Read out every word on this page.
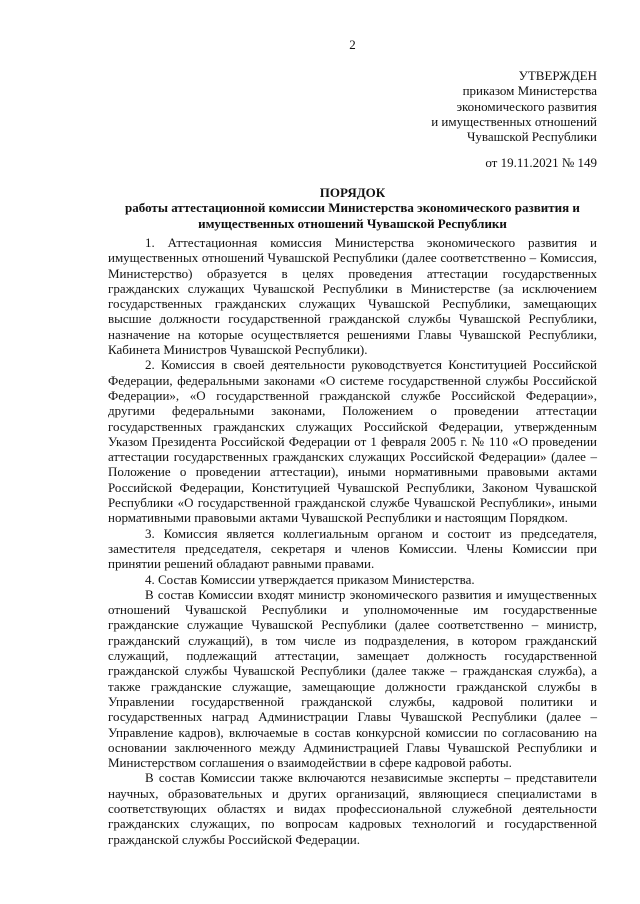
2
УТВЕРЖДЕН
приказом Министерства
экономического развития
и имущественных отношений
Чувашской Республики
от 19.11.2021 № 149
ПОРЯДОК
работы аттестационной комиссии Министерства экономического развития и
имущественных отношений Чувашской Республики

1. Аттестационная комиссия Министерства экономического развития и имущественных отношений Чувашской Республики (далее соответственно – Комиссия, Министерство) образуется в целях проведения аттестации государственных гражданских служащих Чувашской Республики в Министерстве (за исключением государственных гражданских служащих Чувашской Республики, замещающих высшие должности государственной гражданской службы Чувашской Республики, назначение на которые осуществляется решениями Главы Чувашской Республики, Кабинета Министров Чувашской Республики).

2. Комиссия в своей деятельности руководствуется Конституцией Российской Федерации, федеральными законами «О системе государственной службы Российской Федерации», «О государственной гражданской службе Российской Федерации», другими федеральными законами, Положением о проведении аттестации государственных гражданских служащих Российской Федерации, утвержденным Указом Президента Российской Федерации от 1 февраля 2005 г. № 110 «О проведении аттестации государственных гражданских служащих Российской Федерации» (далее – Положение о проведении аттестации), иными нормативными правовыми актами Российской Федерации, Конституцией Чувашской Республики, Законом Чувашской Республики «О государственной гражданской службе Чувашской Республики», иными нормативными правовыми актами Чувашской Республики и настоящим Порядком.

3. Комиссия является коллегиальным органом и состоит из председателя, заместителя председателя, секретаря и членов Комиссии. Члены Комиссии при принятии решений обладают равными правами.

4. Состав Комиссии утверждается приказом Министерства.

В состав Комиссии входят министр экономического развития и имущественных отношений Чувашской Республики и уполномоченные им государственные гражданские служащие Чувашской Республики (далее соответственно – министр, гражданский служащий), в том числе из подразделения, в котором гражданский служащий, подлежащий аттестации, замещает должность государственной гражданской службы Чувашской Республики (далее также – гражданская служба), а также гражданские служащие, замещающие должности гражданской службы в Управлении государственной гражданской службы, кадровой политики и государственных наград Администрации Главы Чувашской Республики (далее – Управление кадров), включаемые в состав конкурсной комиссии по согласованию на основании заключенного между Администрацией Главы Чувашской Республики и Министерством соглашения о взаимодействии в сфере кадровой работы.

В состав Комиссии также включаются независимые эксперты – представители научных, образовательных и других организаций, являющиеся специалистами в соответствующих областях и видах профессиональной служебной деятельности гражданских служащих, по вопросам кадровых технологий и государственной гражданской службы Российской Федерации.
